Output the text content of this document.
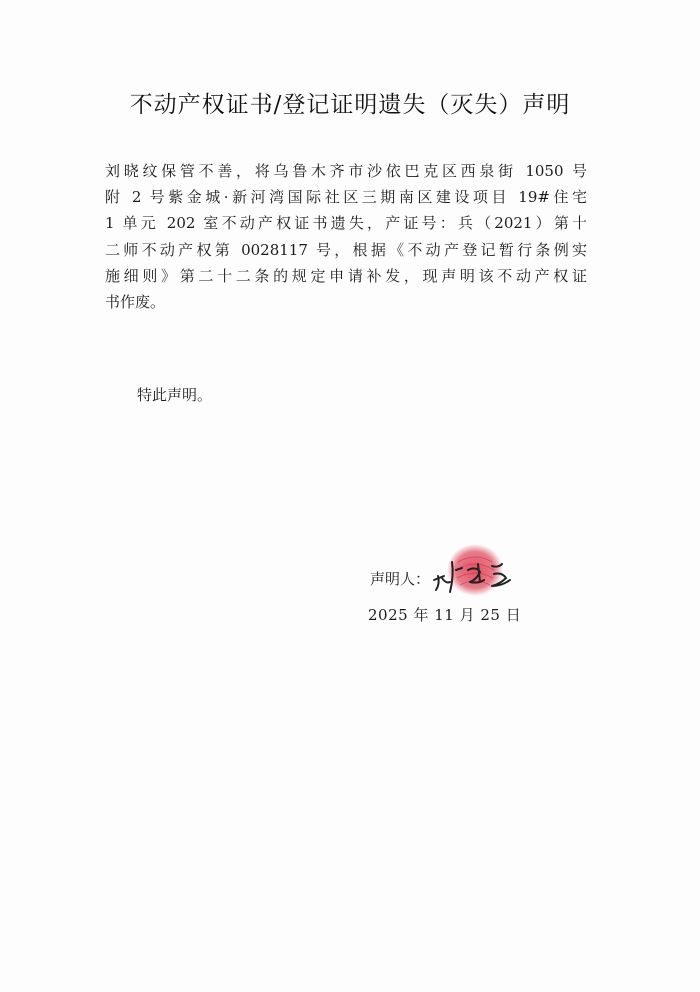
不动产权证书/登记证明遗失（灭失）声明
刘晓纹保管不善，将乌鲁木齐市沙依巴克区西泉街 1050 号
附 2 号紫金城·新河湾国际社区三期南区建设项目 19#住宅
1 单元 202 室不动产权证书遗失，产证号：兵（2021）第十
二师不动产权第 0028117 号，根据《不动产登记暂行条例实
施细则》第二十二条的规定申请补发，现声明该不动产权证
书作废。
特此声明。
声明人：
2025 年 11 月 25 日
